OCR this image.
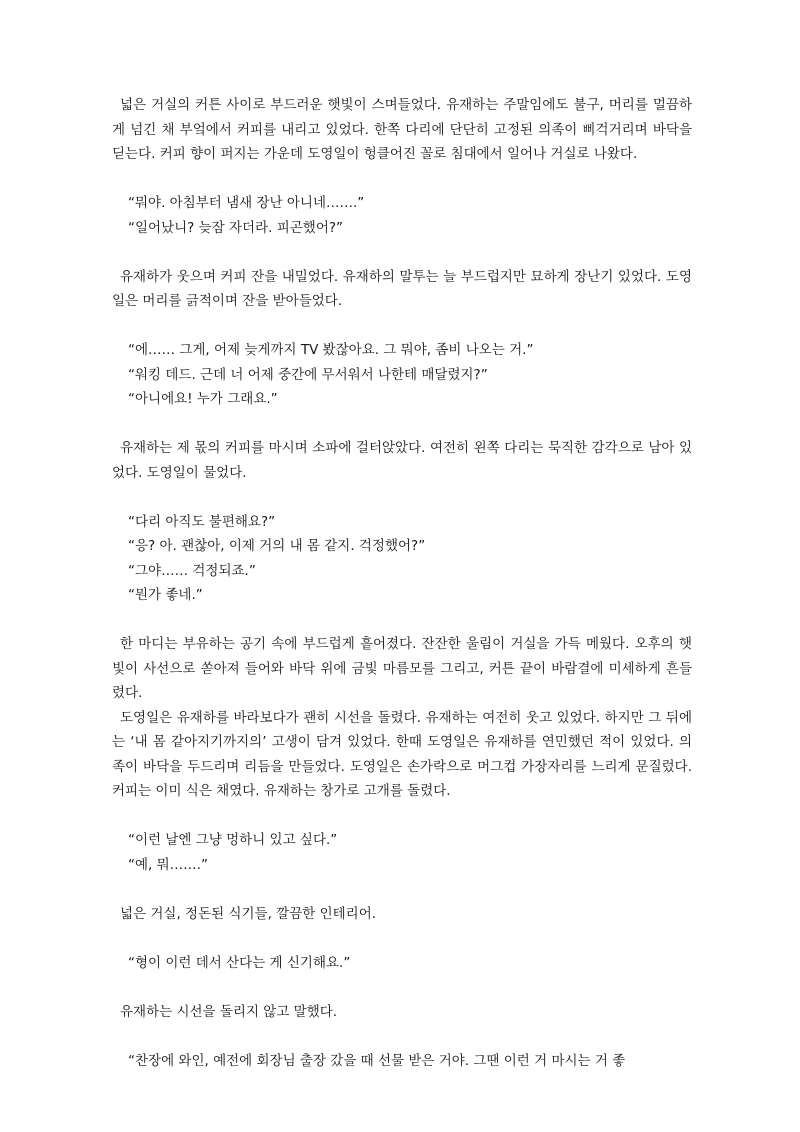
넓은 거실의 커튼 사이로 부드러운 햇빛이 스며들었다. 유재하는 주말임에도 불구, 머리를 멀끔하게 넘긴 채 부엌에서 커피를 내리고 있었다. 한쪽 다리에 단단히 고정된 의족이 삐걱거리며 바닥을 딛는다. 커피 향이 퍼지는 가운데 도영일이 헝클어진 꼴로 침대에서 일어나 거실로 나왔다.

“뭐야. 아침부터 냄새 장난 아니네…….”

“일어났니? 늦잠 자더라. 피곤했어?”

유재하가 웃으며 커피 잔을 내밀었다. 유재하의 말투는 늘 부드럽지만 묘하게 장난기 있었다. 도영일은 머리를 긁적이며 잔을 받아들었다.

“에…… 그게, 어제 늦게까지 TV 봤잖아요. 그 뭐야, 좀비 나오는 거.”

“워킹 데드. 근데 너 어제 중간에 무서워서 나한테 매달렸지?”

“아니에요! 누가 그래요.”

유재하는 제 몫의 커피를 마시며 소파에 걸터앉았다. 여전히 왼쪽 다리는 묵직한 감각으로 남아 있었다. 도영일이 물었다.

“다리 아직도 불편해요?”

“응? 아. 괜찮아, 이제 거의 내 몸 같지. 걱정했어?”

“그야…… 걱정되죠.”

“뭔가 좋네.”

한 마디는 부유하는 공기 속에 부드럽게 흩어졌다. 잔잔한 울림이 거실을 가득 메웠다. 오후의 햇빛이 사선으로 쏟아져 들어와 바닥 위에 금빛 마름모를 그리고, 커튼 끝이 바람결에 미세하게 흔들렸다.

도영일은 유재하를 바라보다가 괜히 시선을 돌렸다. 유재하는 여전히 웃고 있었다. 하지만 그 뒤에는 ‘내 몸 같아지기까지의’ 고생이 담겨 있었다. 한때 도영일은 유재하를 연민했던 적이 있었다. 의족이 바닥을 두드리며 리듬을 만들었다. 도영일은 손가락으로 머그컵 가장자리를 느리게 문질렀다. 커피는 이미 식은 채였다. 유재하는 창가로 고개를 돌렸다.

“이런 날엔 그냥 멍하니 있고 싶다.”

“예, 뭐…….”

넓은 거실, 정돈된 식기들, 깔끔한 인테리어.

“형이 이런 데서 산다는 게 신기해요.”

유재하는 시선을 돌리지 않고 말했다.

“찬장에 와인, 예전에 회장님 출장 갔을 때 선물 받은 거야. 그땐 이런 거 마시는 거 좋
